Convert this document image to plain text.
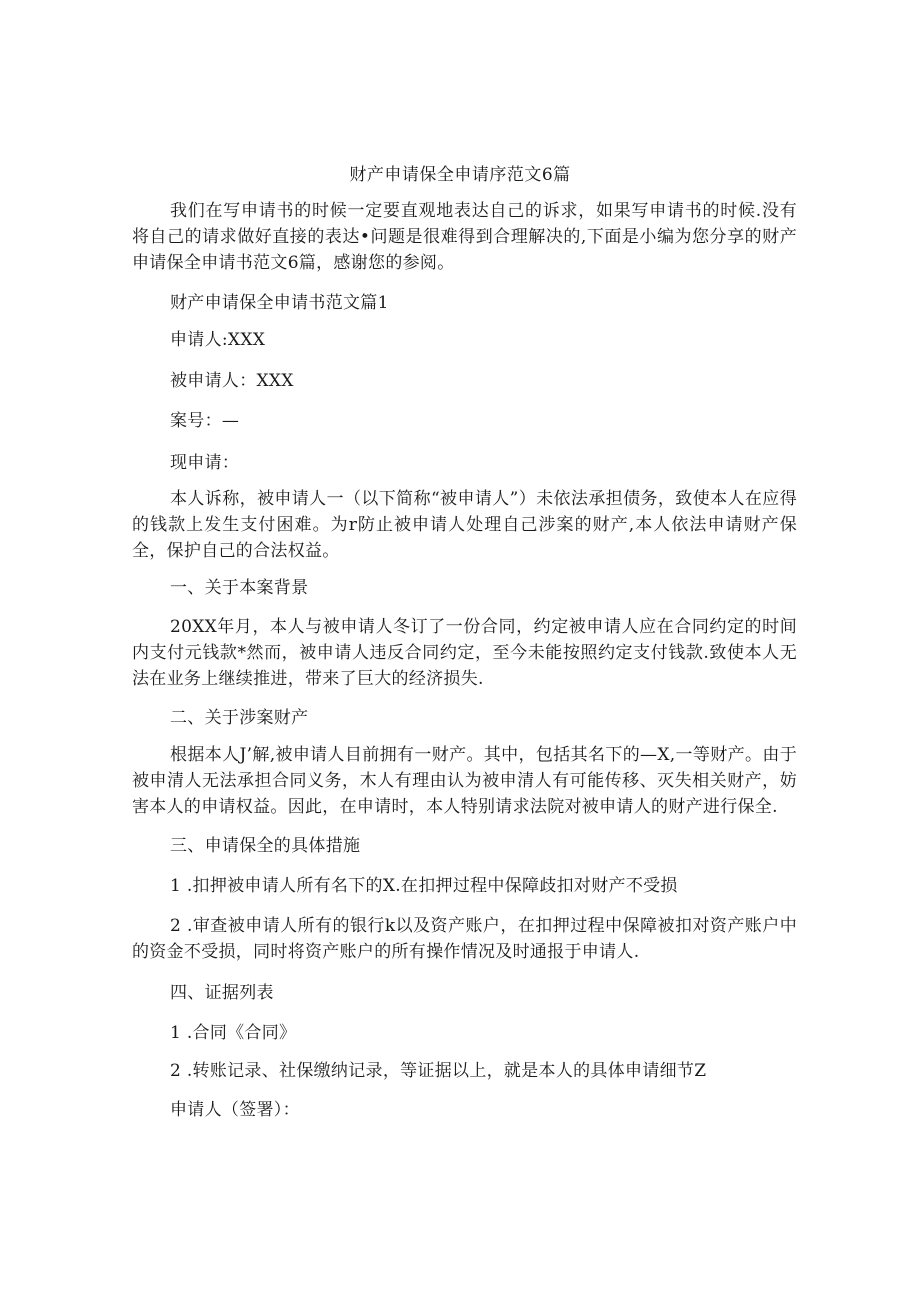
财产申请保全申请序范文6篇
我们在写申请书的时候一定要直观地表达自己的诉求，如果写申请书的时候.没有将自己的请求做好直接的表达•问题是很难得到合理解决的,下面是小编为您分享的财产申请保全申请书范文6篇，感谢您的参阅。
财产申请保全申请书范文篇1
申请人:XXX
被申请人：XXX
案号：—
现申请：
本人诉称，被申请人一（以下简称“被申请人”）未依法承担债务，致使本人在应得的钱款上发生支付困难。为r防止被申请人处理自己涉案的财产,本人依法申请财产保全，保护自己的合法权益。
一、关于本案背景
20XX年月，本人与被申请人冬订了一份合同，约定被申请人应在合同约定的时间内支付元钱款*然而，被申请人违反合同约定，至今未能按照约定支付钱款.致使本人无法在业务上继续推进，带来了巨大的经济损失.
二、关于涉案财产
根据本人J’解,被申请人目前拥有一财产。其中，包括其名下的—X,一等财产。由于被申清人无法承担合同义务，木人有理由认为被申清人有可能传移、灭失相关财产，妨害本人的申请权益。因此，在申请时，本人特别请求法院对被申请人的财产进行保全.
三、申请保全的具体措施
1 .扣押被申请人所有名下的X.在扣押过程中保障歧扣对财产不受损
2 .审查被申请人所有的银行k以及资产账户，在扣押过程中保障被扣对资产账户中的资金不受损，同时将资产账户的所有操作情况及时通报于申请人.
四、证据列表
1 .合同《合同》
2 .转账记录、社保缴纳记录，等证据以上，就是本人的具体申请细节Z
申请人（签署）：
